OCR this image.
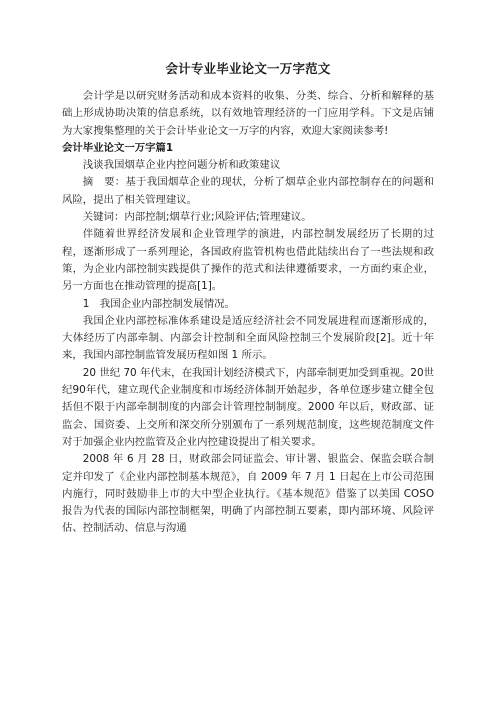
会计专业毕业论文一万字范文

会计学是以研究财务活动和成本资料的收集、分类、综合、分析和解释的基础上形成协助决策的信息系统，以有效地管理经济的一门应用学科。下文是店铺为大家搜集整理的关于会计毕业论文一万字的内容，欢迎大家阅读参考!

会计毕业论文一万字篇1

浅谈我国烟草企业内控问题分析和政策建议

摘　要：基于我国烟草企业的现状，分析了烟草企业内部控制存在的问题和风险，提出了相关管理建议。

关键词：内部控制;烟草行业;风险评估;管理建议。

伴随着世界经济发展和企业管理学的演进，内部控制发展经历了长期的过程，逐渐形成了一系列理论，各国政府监管机构也借此陆续出台了一些法规和政策，为企业内部控制实践提供了操作的范式和法律遵循要求，一方面约束企业，另一方面也在推动管理的提高[1]。

1　我国企业内部控制发展情况。

我国企业内部控标准体系建设是适应经济社会不同发展进程而逐渐形成的，大体经历了内部牵制、内部会计控制和全面风险控制三个发展阶段[2]。近十年来，我国内部控制监管发展历程如图 1 所示。

20 世纪 70 年代末，在我国计划经济模式下，内部牵制更加受到重视。20世纪90年代，建立现代企业制度和市场经济体制开始起步，各单位逐步建立健全包括但不限于内部牵制制度的内部会计管理控制制度。2000 年以后，财政部、证监会、国资委、上交所和深交所分别颁布了一系列规范制度，这些规范制度文件对于加强企业内控监管及企业内控建设提出了相关要求。

2008 年 6 月 28 日，财政部会同证监会、审计署、银监会、保监会联合制定并印发了《企业内部控制基本规范》，自 2009 年 7 月 1 日起在上市公司范围内施行，同时鼓励非上市的大中型企业执行。《基本规范》借鉴了以美国 COSO 报告为代表的国际内部控制框架，明确了内部控制五要素，即内部环境、风险评估、控制活动、信息与沟通
